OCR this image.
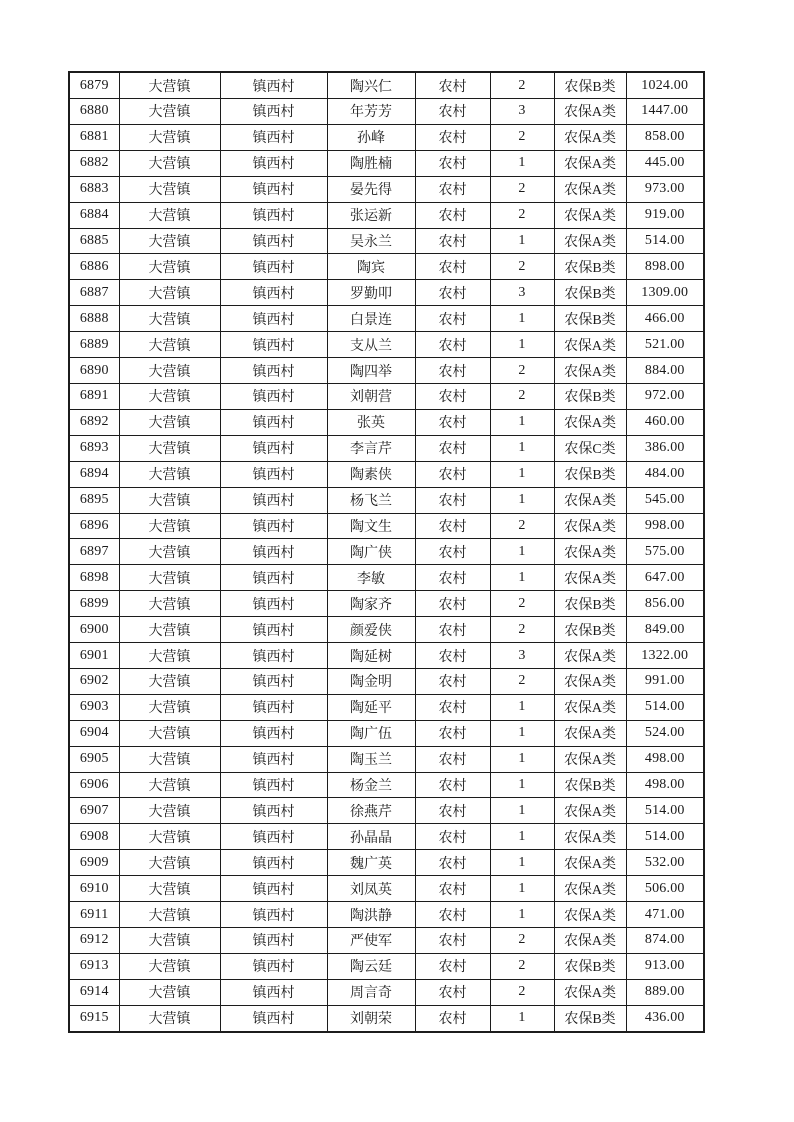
6879	大营镇	镇西村	陶兴仁	农村	2	农保B类	1024.00
6880	大营镇	镇西村	年芳芳	农村	3	农保A类	1447.00
6881	大营镇	镇西村	孙峰	农村	2	农保A类	858.00
6882	大营镇	镇西村	陶胜楠	农村	1	农保A类	445.00
6883	大营镇	镇西村	晏先得	农村	2	农保A类	973.00
6884	大营镇	镇西村	张运新	农村	2	农保A类	919.00
6885	大营镇	镇西村	吴永兰	农村	1	农保A类	514.00
6886	大营镇	镇西村	陶宾	农村	2	农保B类	898.00
6887	大营镇	镇西村	罗勤叩	农村	3	农保B类	1309.00
6888	大营镇	镇西村	白景连	农村	1	农保B类	466.00
6889	大营镇	镇西村	支从兰	农村	1	农保A类	521.00
6890	大营镇	镇西村	陶四举	农村	2	农保A类	884.00
6891	大营镇	镇西村	刘朝营	农村	2	农保B类	972.00
6892	大营镇	镇西村	张英	农村	1	农保A类	460.00
6893	大营镇	镇西村	李言芹	农村	1	农保C类	386.00
6894	大营镇	镇西村	陶素侠	农村	1	农保B类	484.00
6895	大营镇	镇西村	杨飞兰	农村	1	农保A类	545.00
6896	大营镇	镇西村	陶文生	农村	2	农保A类	998.00
6897	大营镇	镇西村	陶广侠	农村	1	农保A类	575.00
6898	大营镇	镇西村	李敏	农村	1	农保A类	647.00
6899	大营镇	镇西村	陶家齐	农村	2	农保B类	856.00
6900	大营镇	镇西村	颜爱侠	农村	2	农保B类	849.00
6901	大营镇	镇西村	陶延树	农村	3	农保A类	1322.00
6902	大营镇	镇西村	陶金明	农村	2	农保A类	991.00
6903	大营镇	镇西村	陶延平	农村	1	农保A类	514.00
6904	大营镇	镇西村	陶广伍	农村	1	农保A类	524.00
6905	大营镇	镇西村	陶玉兰	农村	1	农保A类	498.00
6906	大营镇	镇西村	杨金兰	农村	1	农保B类	498.00
6907	大营镇	镇西村	徐燕芹	农村	1	农保A类	514.00
6908	大营镇	镇西村	孙晶晶	农村	1	农保A类	514.00
6909	大营镇	镇西村	魏广英	农村	1	农保A类	532.00
6910	大营镇	镇西村	刘凤英	农村	1	农保A类	506.00
6911	大营镇	镇西村	陶洪静	农村	1	农保A类	471.00
6912	大营镇	镇西村	严使军	农村	2	农保A类	874.00
6913	大营镇	镇西村	陶云廷	农村	2	农保B类	913.00
6914	大营镇	镇西村	周言奇	农村	2	农保A类	889.00
6915	大营镇	镇西村	刘朝荣	农村	1	农保B类	436.00
